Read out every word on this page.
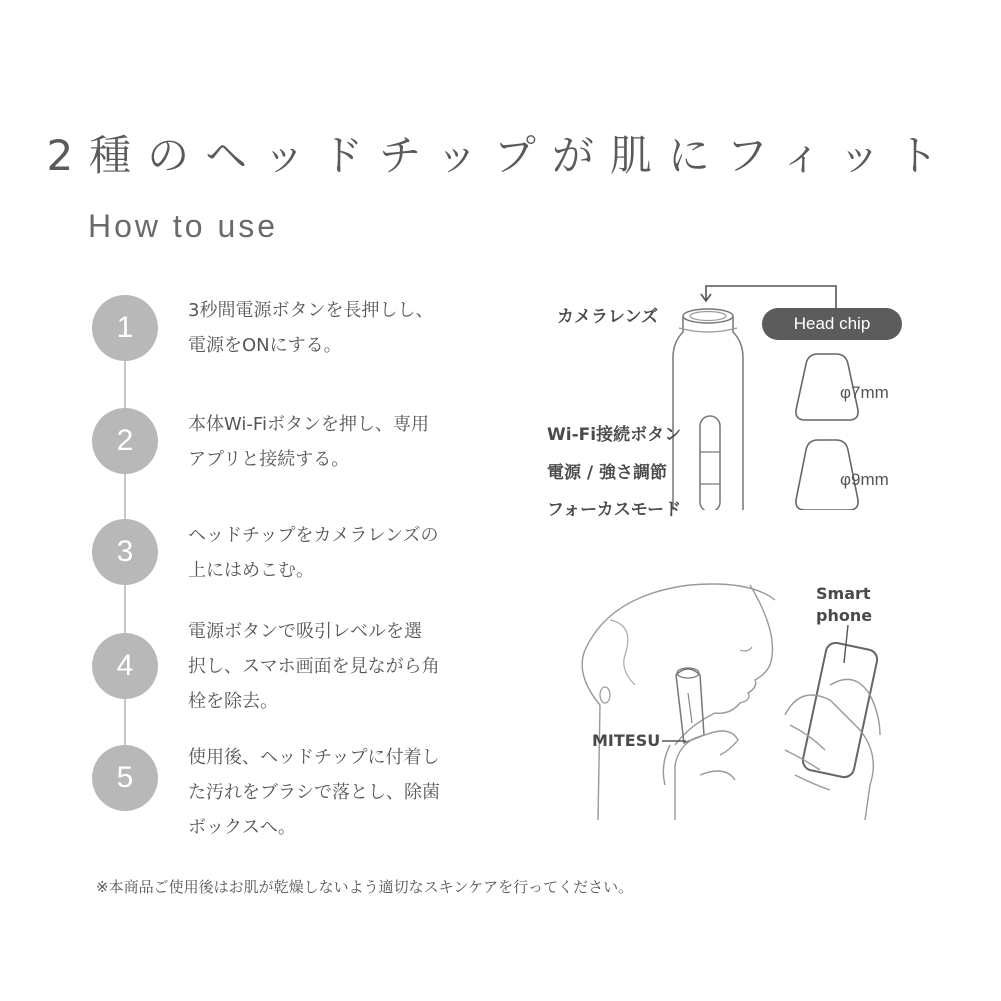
2種のヘッドチップが肌にフィット
How to use
1
3秒間電源ボタンを長押しし、
電源をONにする。
2	本体Wi-Fiボタンを押し、専用
アプリと接続する。
3	ヘッドチップをカメラレンズの
上にはめこむ。
4
電源ボタンで吸引レベルを選
択し、スマホ画面を見ながら角
栓を除去。
5
使用後、ヘッドチップに付着し
た汚れをブラシで落とし、除菌
ボックスへ。
カメラレンズ	Head chip
φ7mm
φ9mm
Wi-Fi接続ボタン
電源 / 強さ調節
フォーカスモード
Smart
phone
MITESU
※本商品ご使用後はお肌が乾燥しないよう適切なスキンケアを行ってください。
